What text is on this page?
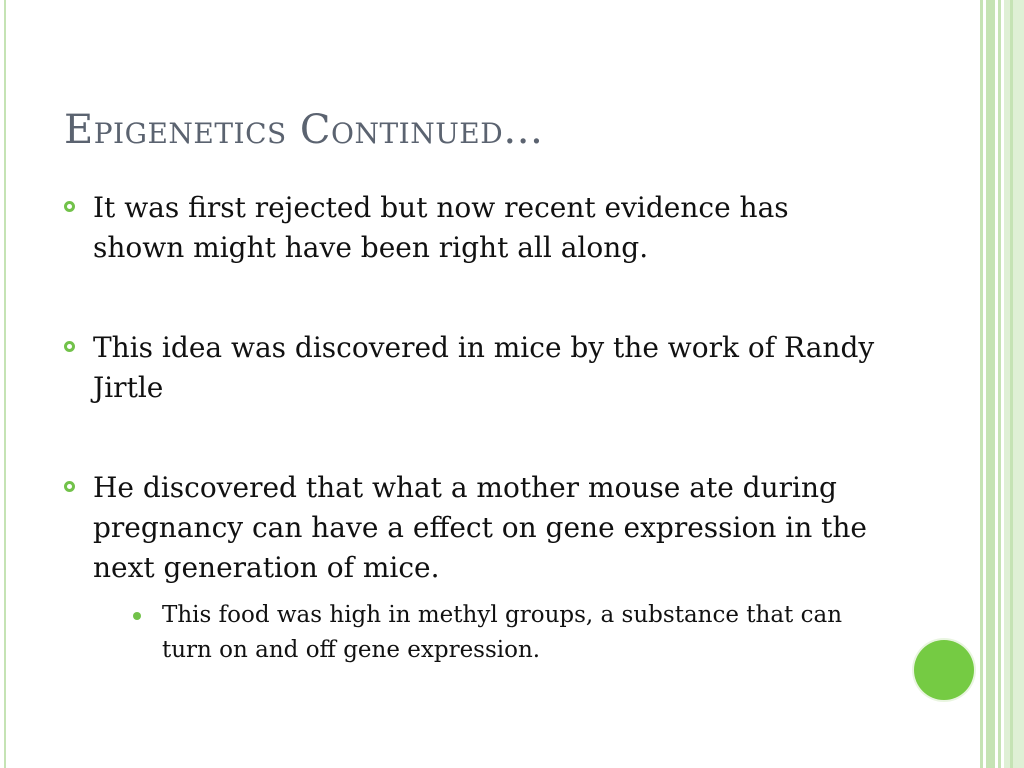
Epigenetics Continued…
It was first rejected but now recent evidence has shown might have been right all along.
This idea was discovered in mice by the work of Randy Jirtle
He discovered that what a mother mouse ate during pregnancy can have a effect on gene expression in the next generation of mice.
This food was high in methyl groups, a substance that can turn on and off gene expression.
